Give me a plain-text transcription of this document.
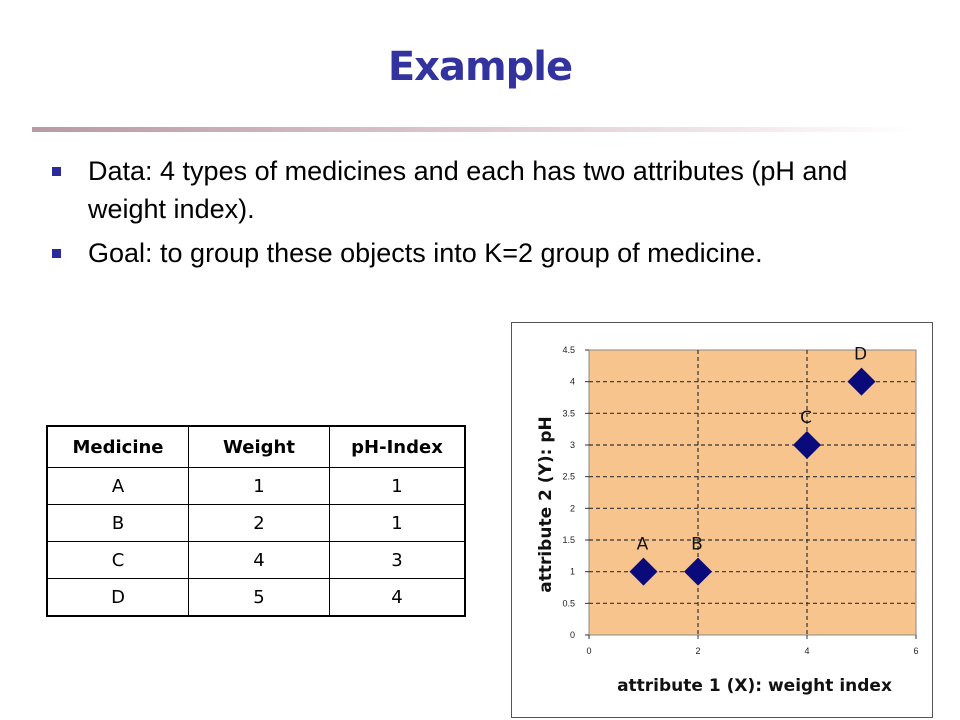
Example
Data: 4 types of medicines and each has two attributes (pH and weight index).
Goal: to group these objects into K=2 group of medicine.
Medicine	Weight	pH-Index
A	1	1
B	2	1
C	4	3
D	5	4
0
0.5
1
1.5
2
2.5
3
3.5
4
4.5
0	2	4	6
A	B
C
D
attribute 1 (X): weight index
attribute 2 (Y): pH
